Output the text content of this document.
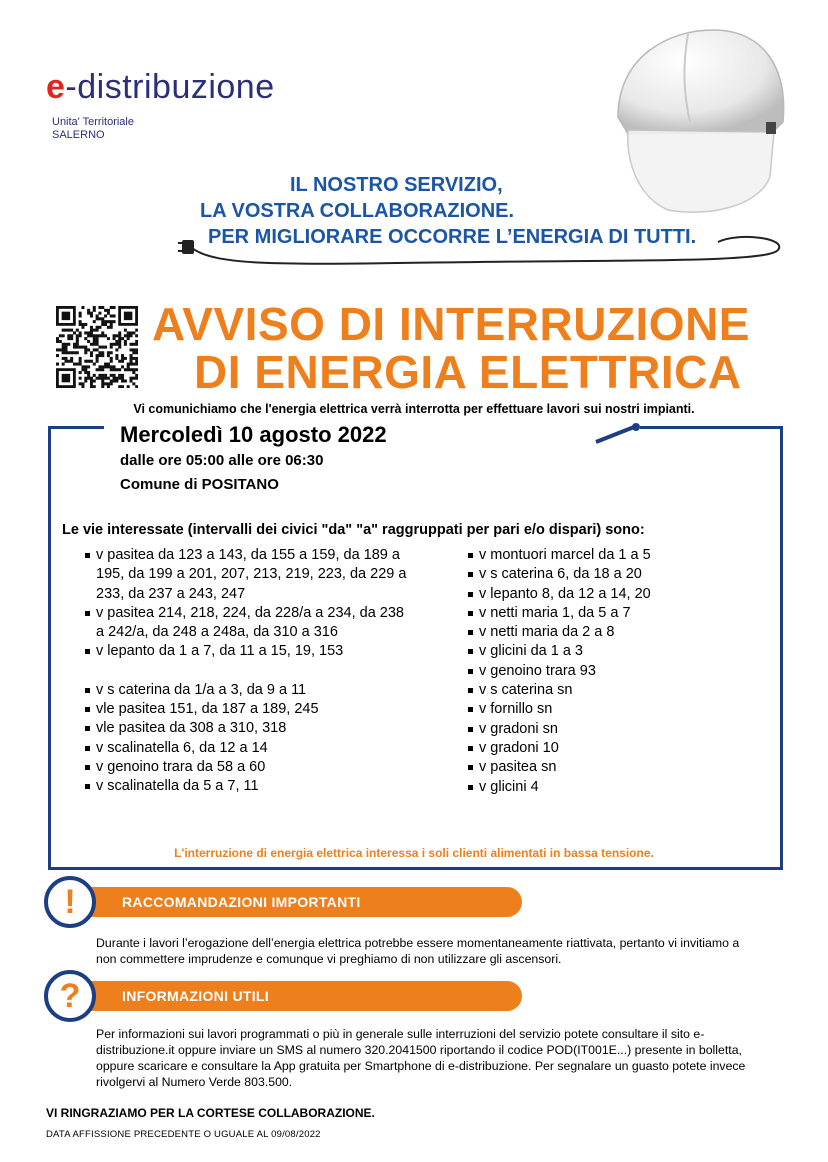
e-distribuzione
Unita' Territoriale
SALERNO
IL NOSTRO SERVIZIO,
LA VOSTRA COLLABORAZIONE.
PER MIGLIORARE OCCORRE L’ENERGIA DI TUTTI.
AVVISO DI INTERRUZIONE
DI ENERGIA ELETTRICA
Vi comunichiamo che l'energia elettrica verrà interrotta per effettuare lavori sui nostri impianti.
Mercoledì 10 agosto 2022
dalle ore 05:00 alle ore 06:30
Comune di POSITANO
Le vie interessate (intervalli dei civici "da" "a" raggruppati per pari e/o dispari) sono:
v pasitea da 123 a 143, da 155 a 159, da 189 a 195, da 199 a 201, 207, 213, 219, 223, da 229 a 233, da 237 a 243, 247
v pasitea 214, 218, 224, da 228/a a 234, da 238 a 242/a, da 248 a 248a, da 310 a 316
v lepanto da 1 a 7, da 11 a 15, 19, 153
v s caterina da 1/a a 3, da 9 a 11
vle pasitea 151, da 187 a 189, 245
vle pasitea da 308 a 310, 318
v scalinatella 6, da 12 a 14
v genoino trara da 58 a 60
v scalinatella da 5 a 7, 11
v montuori marcel da 1 a 5
v s caterina 6, da 18 a 20
v lepanto 8, da 12 a 14, 20
v netti maria 1, da 5 a 7
v netti maria da 2 a 8
v glicini da 1 a 3
v genoino trara 93
v s caterina sn
v fornillo sn
v gradoni sn
v gradoni 10
v pasitea sn
v glicini 4
L'interruzione di energia elettrica interessa i soli clienti alimentati in bassa tensione.
RACCOMANDAZIONI IMPORTANTI
!
Durante i lavori l’erogazione dell’energia elettrica potrebbe essere momentaneamente riattivata, pertanto vi invitiamo a non commettere imprudenze e comunque vi preghiamo di non utilizzare gli ascensori.
INFORMAZIONI UTILI
?
Per informazioni sui lavori programmati o più in generale sulle interruzioni del servizio potete consultare il sito e-distribuzione.it oppure inviare un SMS al numero 320.2041500 riportando il codice POD(IT001E...) presente in bolletta, oppure scaricare e consultare la App gratuita per Smartphone di e-distribuzione. Per segnalare un guasto potete invece rivolgervi al Numero Verde 803.500.
VI RINGRAZIAMO PER LA CORTESE COLLABORAZIONE.
DATA AFFISSIONE PRECEDENTE O UGUALE AL 09/08/2022
